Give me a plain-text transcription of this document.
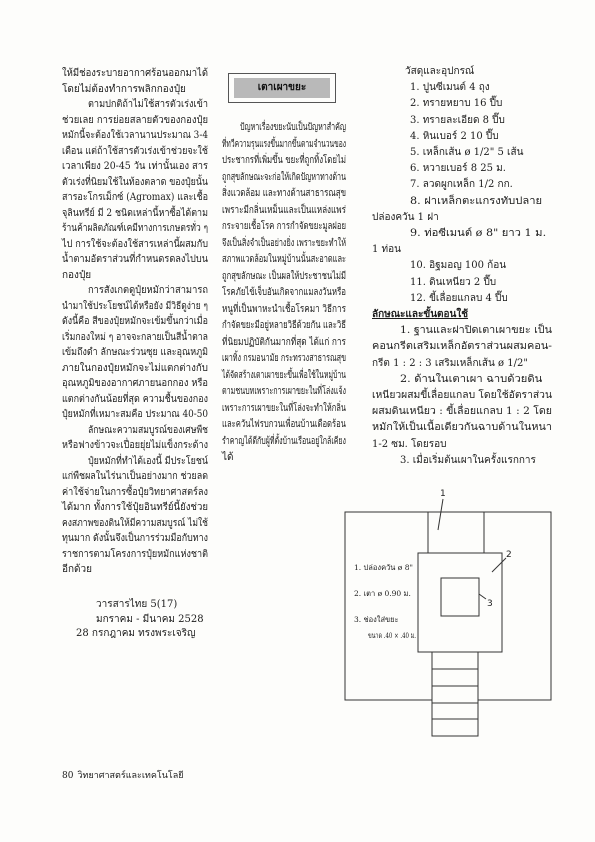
ให้มีช่องระบายอากาศร้อนออกมาได้
โดยไม่ต้องทำการพลิกกองปุ๋ย
ตามปกติถ้าไม่ใช้สารตัวเร่งเข้า
ช่วยเลย การย่อยสลายตัวของกองปุ๋ย
หมักนี้จะต้องใช้เวลานานประมาณ 3-4
เดือน แต่ถ้าใช้สารตัวเร่งเข้าช่วยจะใช้
เวลาเพียง 20-45 วัน เท่านั้นเอง สาร
ตัวเร่งที่นิยมใช้ในท้องตลาด ของปุ๋ยนั้น
สารอะโกรเม็กซ์ (Agromax) และเชื้อ
จุลินทรีย์ มี 2 ชนิดเหล่านี้หาซื้อได้ตาม
ร้านค้าผลิตภัณฑ์เคมีทางการเกษตรทั่ว ๆ
ไป การใช้จะต้องใช้สารเหล่านี้ผสมกับ
น้ำตามอัตราส่วนที่กำหนดรดลงไปบน
กองปุ๋ย
การสังเกตดูปุ๋ยหมักว่าสามารถ
นำมาใช้ประโยชน์ได้หรือยัง มีวิธีดูง่าย ๆ
ดังนี้คือ สีของปุ๋ยหมักจะเข้มขึ้นกว่าเมื่อ
เริ่มกองใหม่ ๆ อาจจะกลายเป็นสีน้ำตาล
เข้มถึงดำ ลักษณะร่วนซุย และอุณหภูมิ
ภายในกองปุ๋ยหมักจะไม่แตกต่างกับ
อุณหภูมิของอากาศภายนอกกอง หรือ
แตกต่างกันน้อยที่สุด ความชื้นของกอง
ปุ๋ยหมักที่เหมาะสมคือ ประมาณ 40-50
ลักษณะความสมบูรณ์ของเศษพืช
หรือฟางข้าวจะเปื่อยยุ่ยไม่แข็งกระด้าง
ปุ๋ยหมักที่ทำได้เองนี้ มีประโยชน์
แก่พืชผลในไร่นาเป็นอย่างมาก ช่วยลด
ค่าใช้จ่ายในการซื้อปุ๋ยวิทยาศาสตร์ลง
ได้มาก ทั้งการใช้ปุ๋ยอินทรีย์นี้ยังช่วย
คงสภาพของดินให้มีความสมบูรณ์ ไม่ใช้
ทุนมาก ดังนั้นจึงเป็นการร่วมมือกับทาง
ราชการตามโครงการปุ๋ยหมักแห่งชาติ
อีกด้วย
วารสารไทย 5(17)
มกราคม - มีนาคม 2528
28 กรกฎาคม ทรงพระเจริญ
เตาเผาขยะ
ปัญหาเรื่องขยะนับเป็นปัญหาสำคัญ
ที่ทวีความรุนแรงขึ้นมากขึ้นตามจำนวนของ
ประชากรที่เพิ่มขึ้น ขยะที่ถูกทิ้งโดยไม่
ถูกสุขลักษณะจะก่อให้เกิดปัญหาทางด้าน
สิ่งแวดล้อม และทางด้านสาธารณสุข
เพราะมีกลิ่นเหม็นและเป็นแหล่งแพร่
กระจายเชื้อโรค การกำจัดขยะมูลฝอย
จึงเป็นสิ่งจำเป็นอย่างยิ่ง เพราะขยะทำให้
สภาพแวดล้อมในหมู่บ้านนั้นสะอาดและ
ถูกสุขลักษณะ เป็นผลให้ประชาชนไม่มี
โรคภัยไข้เจ็บอันเกิดจากแมลงวันหรือ
หนูที่เป็นพาหะนำเชื้อโรคมา วิธีการ
กำจัดขยะมีอยู่หลายวิธีด้วยกัน และวิธี
ที่นิยมปฏิบัติกันมากที่สุด ได้แก่ การ
เผาทิ้ง กรมอนามัย กระทรวงสาธารณสุข
ได้จัดสร้างเตาเผาขยะขึ้นเพื่อใช้ในหมู่บ้าน
ตามชนบทเพราะการเผาขยะในที่โล่งแจ้ง
เพราะการเผาขยะในที่โล่งจะทำให้กลิ่น
และควันไฟรบกวนเพื่อนบ้านเดือดร้อน
รำคาญได้ดีกับผู้ที่ตั้งบ้านเรือนอยู่ใกล้เคียง
ได้
วัสดุและอุปกรณ์
1. ปูนซีเมนต์ 4 ถุง
2. ทรายหยาบ 16 ปี๊บ
3. ทรายละเอียด 8 ปี๊บ
4. หินเบอร์ 2 10 ปี๊บ
5. เหล็กเส้น ø 1/2" 5 เส้น
6. หวายเบอร์ 8 25 ม.
7. ลวดผูกเหล็ก 1/2 กก.
8. ฝาเหล็กตะแกรงทับปลาย
ปล่องควัน 1 ฝา
9. ท่อซีเมนต์ ø 8" ยาว 1 ม.
1 ท่อน
10. อิฐมอญ 100 ก้อน
11. ดินเหนียว 2 ปี๊บ
12. ขี้เลื่อยแกลบ 4 ปี๊บ
ลักษณะและขั้นตอนใช้
1. ฐานและฝาปิดเตาเผาขยะ เป็น
คอนกรีตเสริมเหล็กอัตราส่วนผสมคอน-
กรีต 1 : 2 : 3 เสริมเหล็กเส้น ø 1/2"
2. ด้านในเตาเผา ฉาบด้วยดิน
เหนียวผสมขี้เลื่อยแกลบ โดยใช้อัตราส่วน
ผสมดินเหนียว : ขี้เลื่อยแกลบ 1 : 2 โดย
หมักให้เป็นเนื้อเดียวกันฉาบด้านในหนา
1-2 ซม. โดยรอบ
3. เมื่อเริ่มต้นเผาในครั้งแรกการ
1
2
3
1. ปล่องควัน ø 8"
2. เตา ø 0.90 ม.
3. ช่องใส่ขยะ
ขนาด .40 × .40 ม.
80 วิทยาศาสตร์และเทคโนโลยี
